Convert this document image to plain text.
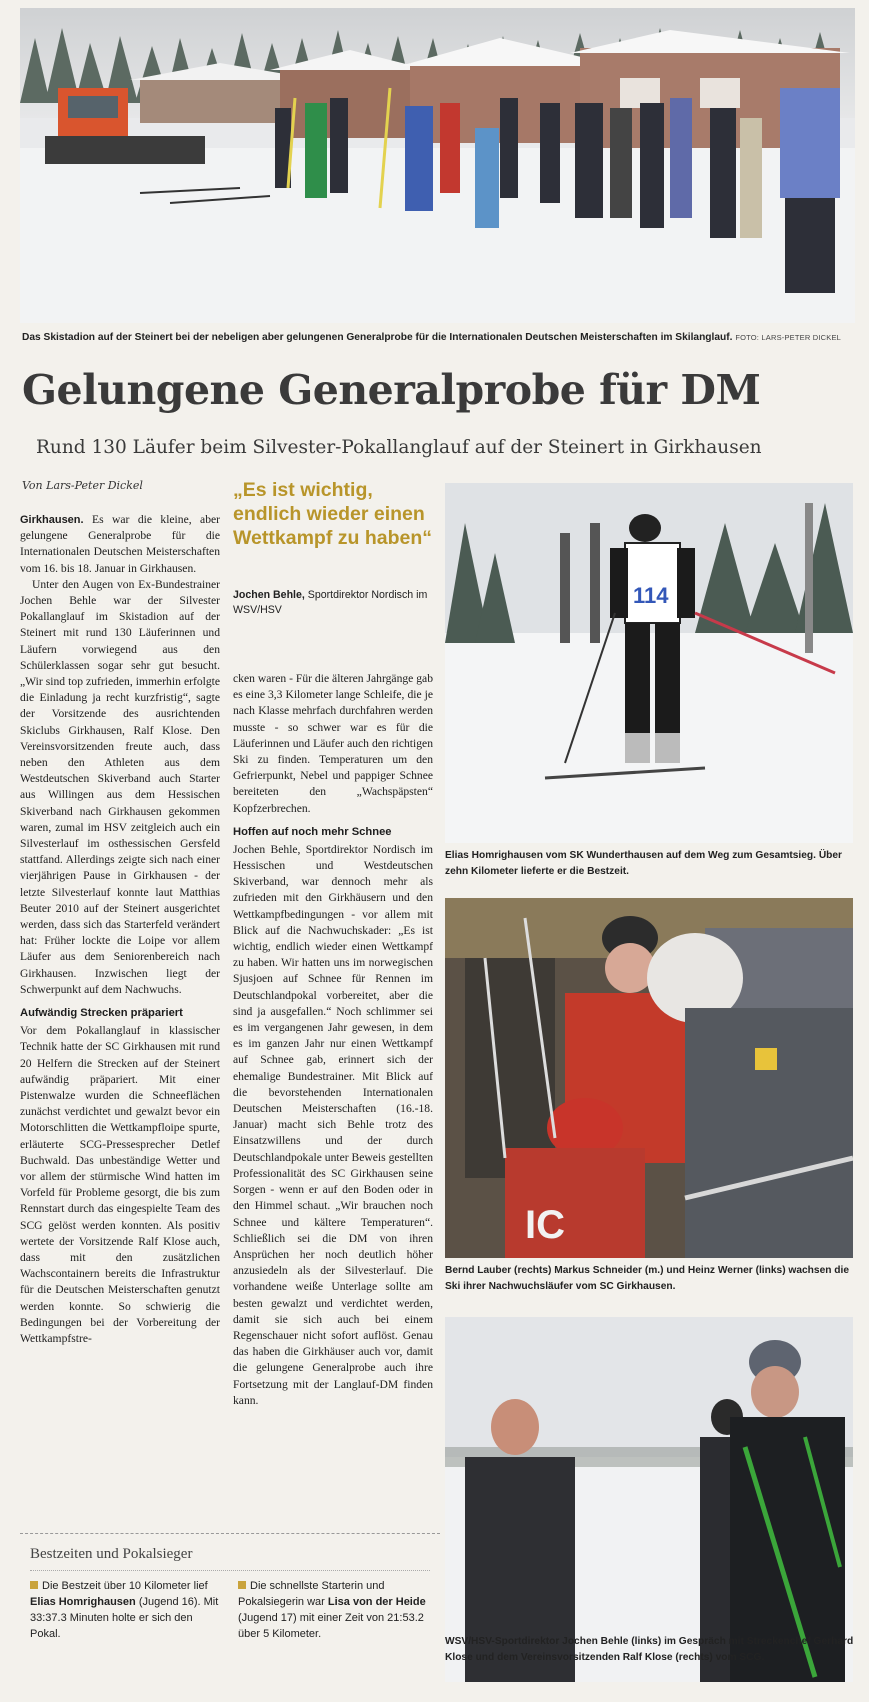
Das Skistadion auf der Steinert bei der nebeligen aber gelungenen Generalprobe für die Internationalen Deutschen Meisterschaften im Skilanglauf. FOTO: LARS-PETER DICKEL
Gelungene Generalprobe für DM
Rund 130 Läufer beim Silvester-Pokallanglauf auf der Steinert in Girkhausen
Von Lars-Peter Dickel	„Es ist wichtig, endlich wieder einen Wettkampf zu haben“
Jochen Behle, Sportdirektor Nordisch im WSV/HSV

Girkhausen. Es war die kleine, aber gelungene Generalprobe für die Internationalen Deutschen Meisterschaften vom 16. bis 18. Januar in Girkhausen.

Unter den Augen von Ex-Bundestrainer Jochen Behle war der Silvester Pokallanglauf im Skistadion auf der Steinert mit rund 130 Läuferinnen und Läufern vorwiegend aus den Schülerklassen sogar sehr gut besucht. „Wir sind top zufrieden, immerhin erfolgte die Einladung ja recht kurzfristig“, sagte der Vorsitzende des ausrichtenden Skiclubs Girkhausen, Ralf Klose. Den Vereinsvorsitzenden freute auch, dass neben den Athleten aus dem Westdeutschen Skiverband auch Starter aus Willingen aus dem Hessischen Skiverband nach Girkhausen gekommen waren, zumal im HSV zeitgleich auch ein Silvesterlauf im osthessischen Gersfeld stattfand. Allerdings zeigte sich nach einer vierjährigen Pause in Girkhausen - der letzte Silvesterlauf konnte laut Matthias Beuter 2010 auf der Steinert ausgerichtet werden, dass sich das Starterfeld verändert hat: Früher lockte die Loipe vor allem Läufer aus dem Seniorenbereich nach Girkhausen. Inzwischen liegt der Schwerpunkt auf dem Nachwuchs.

Aufwändig Strecken präpariert

Vor dem Pokallanglauf in klassischer Technik hatte der SC Girkhausen mit rund 20 Helfern die Strecken auf der Steinert aufwändig präpariert. Mit einer Pistenwalze wurden die Schneeflächen zunächst verdichtet und gewalzt bevor ein Motorschlitten die Wettkampfloipe spurte, erläuterte SCG-Pressesprecher Detlef Buchwald. Das unbeständige Wetter und vor allem der stürmische Wind hatten im Vorfeld für Probleme gesorgt, die bis zum Rennstart durch das eingespielte Team des SCG gelöst werden konnten. Als positiv wertete der Vorsitzende Ralf Klose auch, dass mit den zusätzlichen Wachscontainern bereits die Infrastruktur für die Deutschen Meisterschaften genutzt werden konnte. So schwierig die Bedingungen bei der Vorbereitung der Wettkampfstre-

cken waren - Für die älteren Jahrgänge gab es eine 3,3 Kilometer lange Schleife, die je nach Klasse mehrfach durchfahren werden musste - so schwer war es für die Läuferinnen und Läufer auch den richtigen Ski zu finden. Temperaturen um den Gefrierpunkt, Nebel und pappiger Schnee bereiteten den „Wachspäpsten“ Kopfzerbrechen.

Hoffen auf noch mehr Schnee

Jochen Behle, Sportdirektor Nordisch im Hessischen und Westdeutschen Skiverband, war dennoch mehr als zufrieden mit den Girkhäusern und den Wettkampfbedingungen - vor allem mit Blick auf die Nachwuchskader: „Es ist wichtig, endlich wieder einen Wettkampf zu haben. Wir hatten uns im norwegischen Sjusjoen auf Schnee für Rennen im Deutschlandpokal vorbereitet, aber die sind ja ausgefallen.“ Noch schlimmer sei es im vergangenen Jahr gewesen, in dem es im ganzen Jahr nur einen Wettkampf auf Schnee gab, erinnert sich der ehemalige Bundestrainer. Mit Blick auf die bevorstehenden Internationalen Deutschen Meisterschaften (16.-18. Januar) macht sich Behle trotz des Einsatzwillens und der durch Deutschlandpokale unter Beweis gestellten Professionalität des SC Girkhausen seine Sorgen - wenn er auf den Boden oder in den Himmel schaut. „Wir brauchen noch Schnee und kältere Temperaturen“. Schließlich sei die DM von ihren Ansprüchen her noch deutlich höher anzusiedeln als der Silvesterlauf. Die vorhandene weiße Unterlage sollte am besten gewalzt und verdichtet werden, damit sie sich auch bei einem Regenschauer nicht sofort auflöst. Genau das haben die Girkhäuser auch vor, damit die gelungene Generalprobe auch ihre Fortsetzung mit der Langlauf-DM finden kann.

114
Elias Homrighausen vom SK Wunderthausen auf dem Weg zum Gesamtsieg. Über zehn Kilometer lieferte er die Bestzeit.
IC
Bernd Lauber (rechts) Markus Schneider (m.) und Heinz Werner (links) wachsen die Ski ihrer Nachwuchsläufer vom SC Girkhausen.
WSV/HSV-Sportdirektor Jochen Behle (links) im Gespräch mit Streckenchef Gerhard Klose und dem Vereinsvorsitzenden Ralf Klose (rechts) vom SCG.
Bestzeiten und Pokalsieger
Die Bestzeit über 10 Kilometer lief Elias Homrighausen (Jugend 16). Mit 33:37.3 Minuten holte er sich den Pokal.
Die schnellste Starterin und Pokalsiegerin war Lisa von der Heide (Jugend 17) mit einer Zeit von 21:53.2 über 5 Kilometer.
